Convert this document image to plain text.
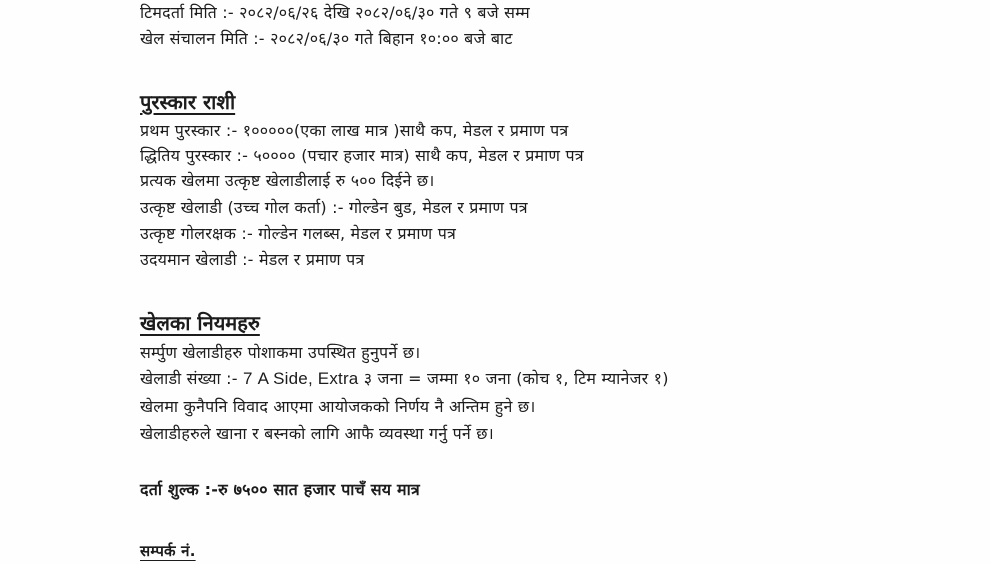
टिमदर्ता मिति :- २०८२/०६/२६ देखि २०८२/०६/३० गते ९ बजे सम्म
खेल संचालन मिति :- २०८२/०६/३० गते बिहान १०:०० बजे बाट
पुरस्कार राशी
प्रथम पुरस्कार :- १०००००(एका लाख मात्र )साथै कप, मेडल र प्रमाण पत्र
द्धितिय पुरस्कार :- ५०००० (पचार हजार मात्र) साथै कप, मेडल र प्रमाण पत्र
प्रत्यक खेलमा उत्कृष्ट खेलाडीलाई रु ५०० दिईने छ।
उत्कृष्ट खेलाडी (उच्च गोल कर्ता) :- गोल्डेन बुड, मेडल र प्रमाण पत्र
उत्कृष्ट गोलरक्षक :- गोल्डेन गलब्स, मेडल र प्रमाण पत्र
उदयमान खेलाडी :- मेडल र प्रमाण पत्र
खेलका नियमहरु
सर्म्पुण खेलाडीहरु पोशाकमा उपस्थित हुनुपर्ने छ।
खेलाडी संख्या :- 7 A Side, Extra ३ जना = जम्मा १० जना (कोच १, टिम म्यानेजर १)
खेलमा कुनैपनि विवाद आएमा आयोजकको निर्णय नै अन्तिम हुने छ।
खेलाडीहरुले खाना र बस्नको लागि आफै व्यवस्था गर्नु पर्ने छ।
दर्ता शुल्क :-रु ७५०० सात हजार पाचँ सय मात्र
सम्पर्क नं.
